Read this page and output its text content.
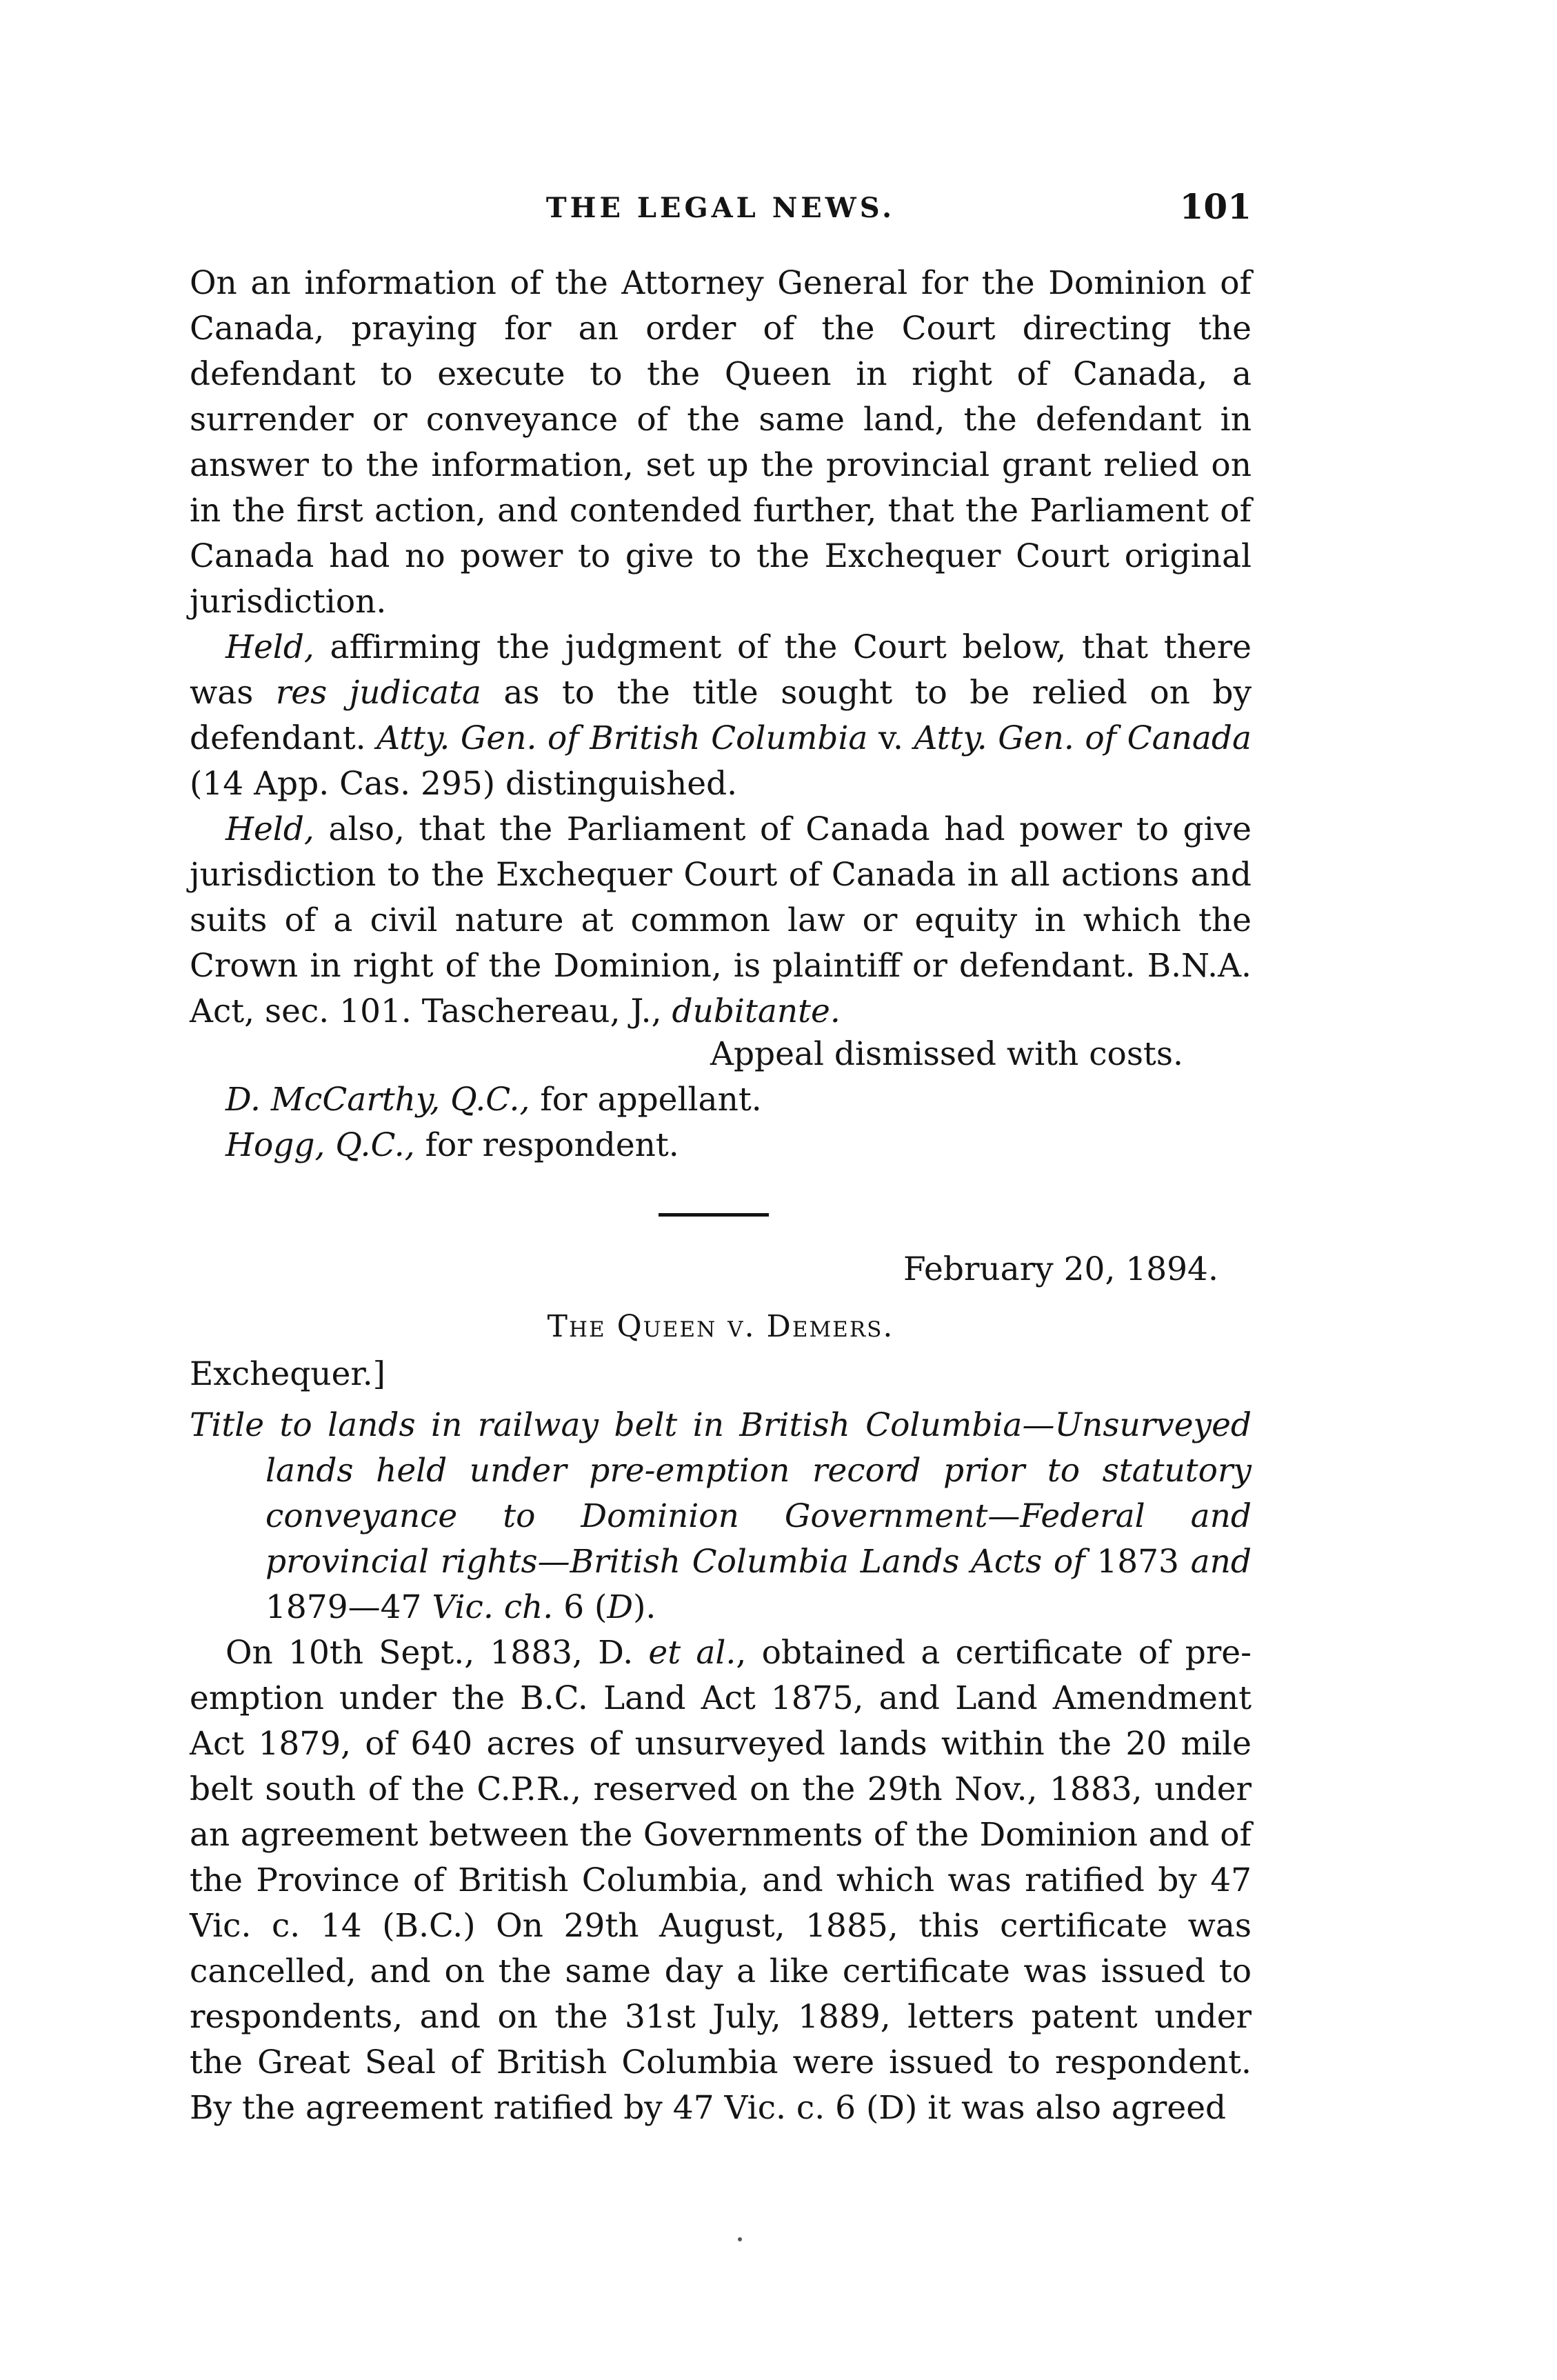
THE LEGAL NEWS.	101

On an information of the Attorney General for the Dominion of Canada, praying for an order of the Court directing the defendant to execute to the Queen in right of Canada, a surrender or conveyance of the same land, the defendant in answer to the information, set up the provincial grant relied on in the first action, and contended further, that the Parliament of Canada had no power to give to the Exchequer Court original jurisdiction.

Held, affirming the judgment of the Court below, that there was res judicata as to the title sought to be relied on by defendant. Atty. Gen. of British Columbia v. Atty. Gen. of Canada (14 App. Cas. 295) distinguished.

Held, also, that the Parliament of Canada had power to give jurisdiction to the Exchequer Court of Canada in all actions and suits of a civil nature at common law or equity in which the Crown in right of the Dominion, is plaintiff or defendant. B.N.A. Act, sec. 101. Taschereau, J., dubitante.

Appeal dismissed with costs.
D. McCarthy, Q.C., for appellant.
Hogg, Q.C., for respondent.
February 20, 1894.
The Queen v. Demers.
Exchequer.]
Title to lands in railway belt in British Columbia—Unsurveyed lands held under pre-emption record prior to statutory conveyance to Dominion Government—Federal and provincial rights—British Columbia Lands Acts of 1873 and 1879—47 Vic. ch. 6 (D).

On 10th Sept., 1883, D. et al., obtained a certificate of pre-emption under the B.C. Land Act 1875, and Land Amendment Act 1879, of 640 acres of unsurveyed lands within the 20 mile belt south of the C.P.R., reserved on the 29th Nov., 1883, under an agreement between the Governments of the Dominion and of the Province of British Columbia, and which was ratified by 47 Vic. c. 14 (B.C.) On 29th August, 1885, this certificate was cancelled, and on the same day a like certificate was issued to respondents, and on the 31st July, 1889, letters patent under the Great Seal of British Columbia were issued to respondent. By the agreement ratified by 47 Vic. c. 6 (D) it was also agreed
